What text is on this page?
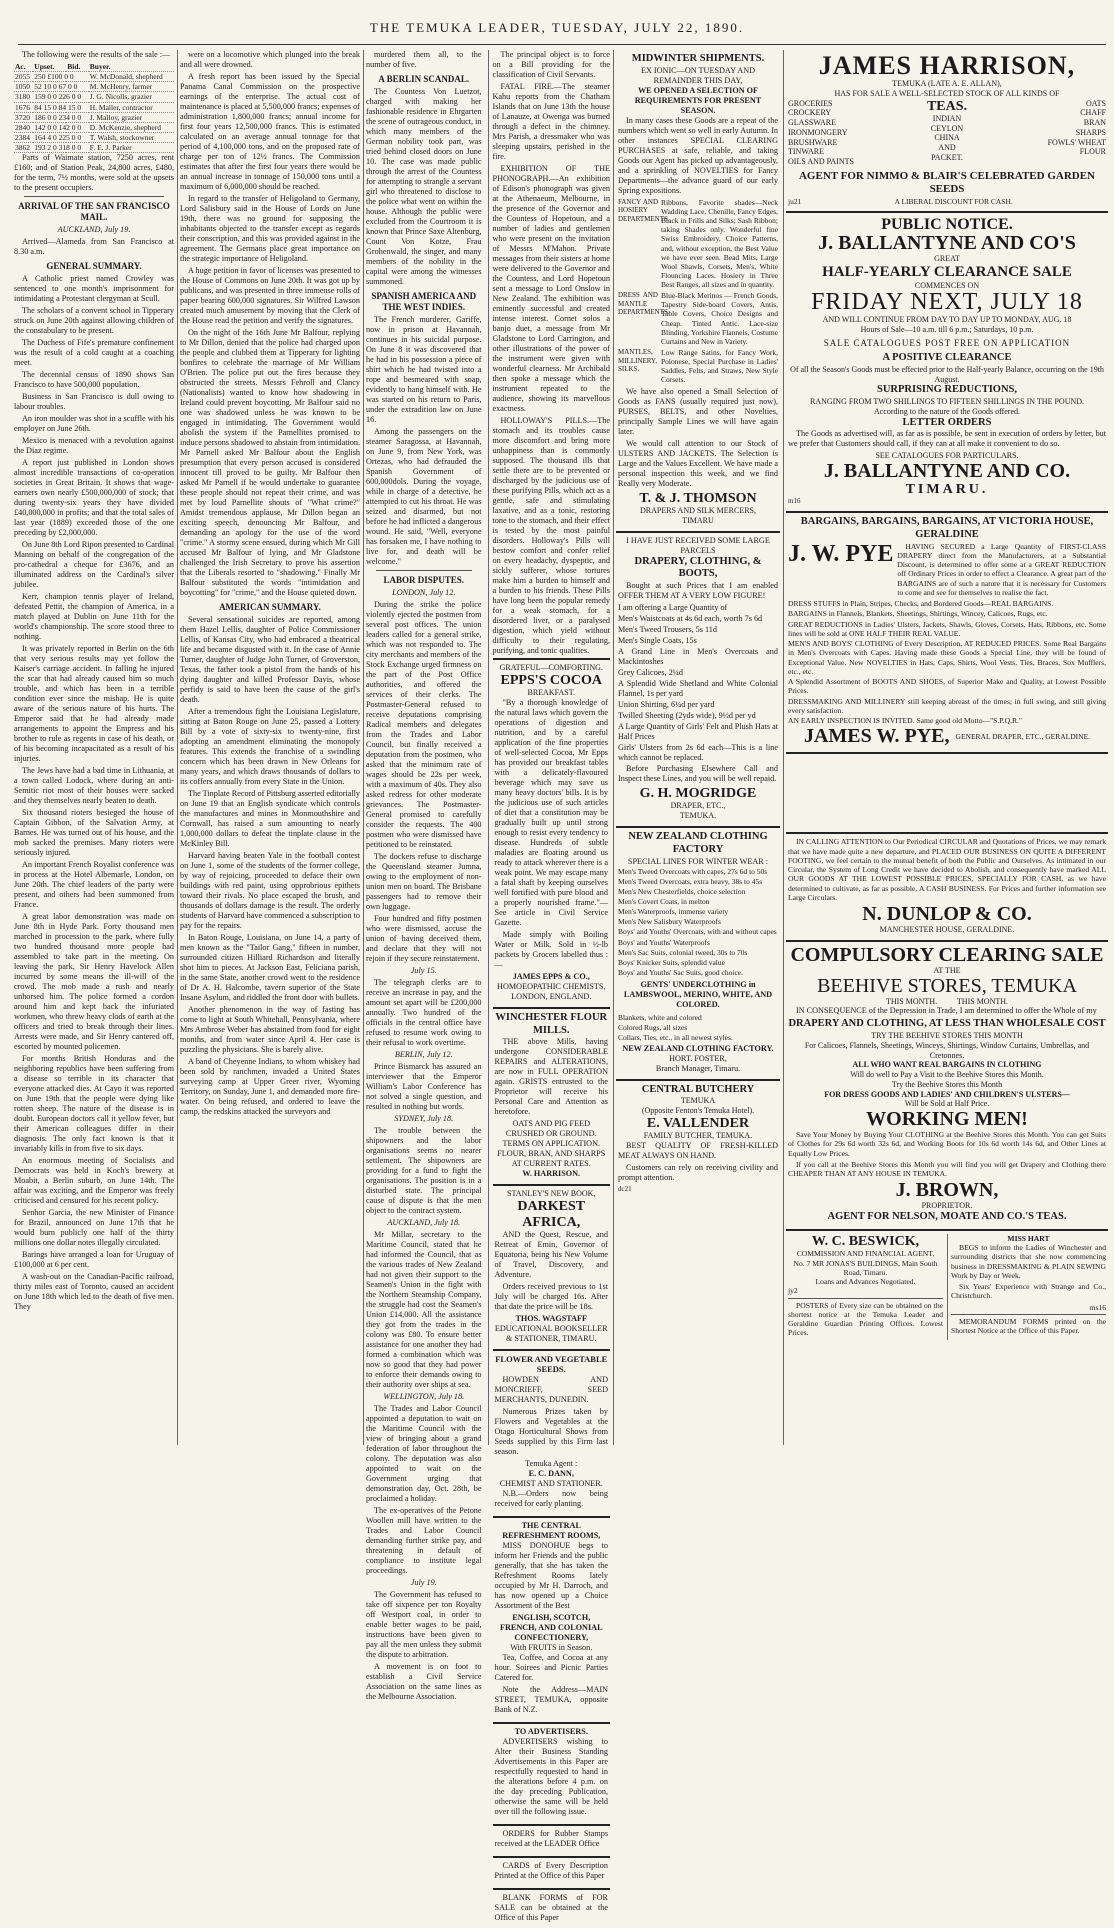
THE TEMUKA LEADER, TUESDAY, JULY 22, 1890.

The following were the results of the sale :—

Ac.	Upset.	Bid.	Buyer.
2055	250 £100 0 0		W. McDonald, shepherd
1050	52 10 0 67 0 0		M. McHenry, farmer
3180	159 0 0 226 0 0		J. G. Nicolls, grazier
1676	84 15 0 84 15 0		H. Maller, contractor
3720	186 0 0 234 0 0		J. Malloy, grazier
2840	142 0 0 142 0 0		D. McKenzie, shepherd
2384	164 4 0 225 0 0		T. Walsh, stockowner
3862	193 2 0 318 0 0		F. E. J. Parker

Parts of Waimate station, 7250 acres, rent £160; and of Station Peak, 24,800 acres, £480, for the term, 7½ months, were sold at the upsets to the present occupiers.

ARRIVAL OF THE SAN FRANCISCO MAIL.
AUCKLAND, July 19.

Arrived—Alameda from San Francisco at 8.30 a.m.

GENERAL SUMMARY.

A Catholic priest named Crowley was sentenced to one month's imprisonment for intimidating a Protestant clergyman at Scull.

The scholars of a convent school in Tipperary struck on June 20th against allowing children of the constabulary to be present.

The Duchess of Fife's premature confinement was the result of a cold caught at a coaching meet.

The decennial census of 1890 shows San Francisco to have 500,000 population.

Business in San Francisco is dull owing to labour troubles.

An iron moulder was shot in a scuffle with his employer on June 26th.

Mexico is menaced with a revolution against the Diaz regime.

A report just published in London shows almost incredible transactions of co-operation societies in Great Britain. It shows that wage-earners own nearly £500,000,000 of stock; that during twenty-six years they have divided £40,000,000 in profits; and that the total sales of last year (1889) exceeded those of the one preceding by £2,000,000.

On June 8th Lord Ripon presented to Cardinal Manning on behalf of the congregation of the pro-cathedral a cheque for £3676, and an illuminated address on the Cardinal's silver jubilee.

Kerr, champion tennis player of Ireland, defeated Pettit, the champion of America, in a match played at Dublin on June 11th for the world's championship. The score stood three to nothing.

It was privately reported in Berlin on the 6th that very serious results may yet follow the Kaiser's carriage accident. In falling he injured the scar that had already caused him so much trouble, and which has been in a terrible condition ever since the mishap. He is quite aware of the serious nature of his hurts. The Emperor said that he had already made arrangements to appoint the Empress and his brother to rule as regents in case of his death, or of his becoming incapacitated as a result of his injuries.

The Jews have had a bad time in Lithuania, at a town called Lodock, where during an anti-Semitic riot most of their houses were sacked and they themselves nearly beaten to death.

Six thousand rioters besieged the house of Captain Gibbon, of the Salvation Army, at Barnes. He was turned out of his house, and the mob sacked the premises. Many rioters were seriously injured.

An important French Royalist conference was in process at the Hotel Albemarle, London, on June 20th. The chief leaders of the party were present, and others had been summoned from France.

A great labor demonstration was made on June 8th in Hyde Park. Forty thousand men marched in procession to the park, where fully two hundred thousand more people had assembled to take part in the meeting. On leaving the park, Sir Henry Havelock Allen incurred by some means the ill-will of the crowd. The mob made a rush and nearly unhorsed him. The police formed a cordon around him and kept back the infuriated workmen, who threw heavy clods of earth at the officers and tried to break through their lines. Arrests were made, and Sir Henry cantered off, escorted by mounted policemen.

For months British Honduras and the neighboring republics have been suffering from a disease so terrible in its character that everyone attacked dies. At Cayo it was reported on June 19th that the people were dying like rotten sheep. The nature of the disease is in doubt. European doctors call it yellow fever, but their American colleagues differ in their diagnosis. The only fact known is that it invariably kills in from five to six days.

An enormous meeting of Socialists and Democrats was held in Koch's brewery at Moabit, a Berlin suburb, on June 14th. The affair was exciting, and the Emperor was freely criticised and censured for his recent policy.

Senhor Garcia, the new Minister of Finance for Brazil, announced on June 17th that he would burn publicly one half of the thirty millions one dollar notes illegally circulated.

Barings have arranged a loan for Uruguay of £100,000 at 6 per cent.

A wash-out on the Canadian-Pacific railroad, thirty miles east of Toronto, caused an accident on June 18th which led to the death of five men. They

were on a locomotive which plunged into the break and all were drowned.

A fresh report has been issued by the Special Panama Canal Commission on the prospective earnings of the enterprise. The actual cost of maintenance is placed at 5,500,000 francs; expenses of administration 1,800,000 francs; annual income for first four years 12,500,000 francs. This is estimated calculated on an average annual tonnage for that period of 4,100,000 tons, and on the proposed rate of charge per ton of 12½ francs. The Commission estimates that after the first four years there would be an annual increase in tonnage of 150,000 tons until a maximum of 6,000,000 should be reached.

In regard to the transfer of Heligoland to Germany, Lord Salisbury said in the House of Lords on June 19th, there was no ground for supposing the inhabitants objected to the transfer except as regards their conscription, and this was provided against in the agreement. The Germans place great importance on the strategic importance of Heligoland.

A huge petition in favor of licenses was presented to the House of Commons on June 20th. It was got up by publicans, and was presented in three immense rolls of paper bearing 600,000 signatures. Sir Wilfred Lawson created much amusement by moving that the Clerk of the House read the petition and verify the signatures.

On the night of the 16th June Mr Balfour, replying to Mr Dillon, denied that the police had charged upon the people and clubbed them at Tipperary for lighting bonfires to celebrate the marriage of Mr William O'Brien. The police put out the fires because they obstructed the streets. Messrs Fehroll and Clancy (Nationalists) wanted to know how shadowing in Ireland could prevent boycotting. Mr Balfour said no one was shadowed unless he was known to be engaged in intimidating. The Government would abolish the system if the Parnellites promised to induce persons shadowed to abstain from intimidation. Mr Parnell asked Mr Balfour about the English presumption that every person accused is considered innocent till proved to be guilty. Mr Balfour then asked Mr Parnell if he would undertake to guarantee these people should not repeat their crime, and was met by loud Parnellite shouts of "What crime?" Amidst tremendous applause, Mr Dillon began an exciting speech, denouncing Mr Balfour, and demanding an apology for the use of the word "crime." A stormy scene ensued, during which Mr Gill accused Mr Balfour of lying, and Mr Gladstone challenged the Irish Secretary to prove his assertion that the Liberals resorted to "shadowing." Finally Mr Balfour substituted the words "intimidation and boycotting" for "crime," and the House quieted down.

AMERICAN SUMMARY.

Several sensational suicides are reported, among them Hazel Lellis, daughter of Police Commissioner Lellis, of Kansas City, who had embraced a theatrical life and became disgusted with it. In the case of Annie Turner, daughter of Judge John Turner, of Groverston, Texas, the father took a pistol from the hands of his dying daughter and killed Professor Davis, whose perfidy is said to have been the cause of the girl's death.

After a tremendous fight the Louisiana Legislature, sitting at Baton Rouge on June 25, passed a Lottery Bill by a vote of sixty-six to twenty-nine, first adopting an amendment eliminating the monopoly features. This extends the franchise of a swindling concern which has been drawn in New Orleans for many years, and which draws thousands of dollars to its coffers annually from every State in the Union.

The Tinplate Record of Pittsburg asserted editorially on June 19 that an English syndicate which controls the manufactures and mines in Monmouthshire and Cornwall, has raised a sum amounting to nearly 1,000,000 dollars to defeat the tinplate clause in the McKinley Bill.

Harvard having beaten Yale in the football contest on June 1, some of the students of the former college, by way of rejoicing, proceeded to deface their own buildings with red paint, using opprobrious epithets toward their rivals. No place escaped the brush, and thousands of dollars damage is the result. The orderly students of Harvard have commenced a subscription to pay for the repairs.

In Baton Rouge, Louisiana, on June 14, a party of men known as the "Tailor Gang," fifteen in number, surrounded citizen Hilliard Richardson and literally shot him to pieces. At Jackson East, Feliciana parish, in the same State, another crowd went to the residence of Dr A. H. Halcombe, tavern superior of the State Insane Asylum, and riddled the front door with bullets.

Another phenomenon in the way of fasting has come to light at South Whitehall, Pennsylvania, where Mrs Ambrose Weber has abstained from food for eight months, and from water since April 4. Her case is puzzling the physicians. She is barely alive.

A band of Cheyenne Indians, to whom whiskey had been sold by ranchmen, invaded a United States surveying camp at Upper Greer river, Wyoming Territory, on Sunday, June 1, and demanded more fire-water. On being refused, and ordered to leave the camp, the redskins attacked the surveyors and

murdered them all, to the number of five.

A BERLIN SCANDAL.

The Countess Von Luetzot, charged with making her fashionable residence in Ehrgarten the scene of outrageous conduct, in which many members of the German nobility took part, was tried behind closed doors on June 10. The case was made public through the arrest of the Countess for attempting to strangle a servant girl who threatened to disclose to the police what went on within the house. Although the public were excluded from the Courtroom it is known that Prince Saxe Altenburg, Count Von Kotze, Frau Grohenwald, the singer, and many members of the nobility in the capital were among the witnesses summoned.

SPANISH AMERICA AND THE WEST INDIES.

The French murderer, Gariffe, now in prison at Havannah, continues in his suicidal purpose. On June 8 it was discovered that he had in his possession a piece of shirt which he had twisted into a rope and besmeared with soap, evidently to hang himself with. He was started on his return to Paris, under the extradition law on June 16.

Among the passengers on the steamer Saragossa, at Havannah, on June 9, from New York, was Ortezas, who had defrauded the Spanish Government of 600,000dols. During the voyage, while in charge of a detective, he attempted to cut his throat. He was seized and disarmed, but not before he had inflicted a dangerous wound. He said, "Well, everyone has forsaken me, I have nothing to live for, and death will be welcome."

LABOR DISPUTES.
LONDON, July 12.

During the strike the police violently ejected the postmen from several post offices. The union leaders called for a general strike, which was not responded to. The city merchants and members of the Stock Exchange urged firmness on the part of the Post Office authorities, and offered the services of their clerks. The Postmaster-General refused to receive deputations comprising Radical members and delegates from the Trades and Labor Council, but finally received a deputation from the postmen, who asked that the minimum rate of wages should be 22s per week, with a maximum of 40s. They also asked redress for other moderate grievances. The Postmaster-General promised to carefully consider the requests. The 400 postmen who were dismissed have petitioned to be reinstated.

The dockers refuse to discharge the Queensland steamer Jumna, owing to the employment of non-union men on board. The Brisbane passengers had to remove their own luggage.

Four hundred and fifty postmen who were dismissed, accuse the union of having deceived them, and declare that they will not rejoin if they secure reinstatement.

July 15.

The telegraph clerks are to receive an increase in pay, and the amount set apart will be £200,000 annually. Two hundred of the officials in the central office have refused to resume work owing to their refusal to work overtime.

BERLIN, July 12.

Prince Bismarck has assured an interviewer that the Emperor William's Labor Conference has not solved a single question, and resulted in nothing but words.

SYDNEY, July 18.

The trouble between the shipowners and the labor organisations seems no nearer settlement. The shipowners are providing for a fund to fight the organisations. The position is in a disturbed state. The principal cause of dispute is that the men object to the contract system.

AUCKLAND, July 18.

Mr Millar, secretary to the Maritime Council, stated that he had informed the Council, that as the various trades of New Zealand had not given their support to the Seamen's Union in the fight with the Northern Steamship Company, the struggle had cost the Seamen's Union £14,000. All the assistance they got from the trades in the colony was £80. To ensure better assistance for one another they had formed a combination which was now so good that they had power to enforce their demands owing to their authority over ships at sea.

WELLINGTON, July 18.

The Trades and Labor Council appointed a deputation to wait on the Maritime Council with the view of bringing about a grand federation of labor throughout the colony. The deputation was also appointed to wait on the Government urging that demonstration day, Oct. 28th, be proclaimed a holiday.

The ex-operatives of the Petone Woollen mill have written to the Trades and Labor Council demanding further strike pay, and threatening in default of compliance to institute legal proceedings.

July 19.

The Government has refused to take off sixpence per ton Royalty off Westport coal, in order to enable better wages to be paid, instructions have been given to pay all the men unless they submit the dispute to arbitration.

A movement is on foot to establish a Civil Service Association on the same lines as the Melbourne Association.

The principal object is to force on a Bill providing for the classification of Civil Servants.

FATAL FIRE.—The steamer Kahu reports from the Chatham Islands that on June 13th the house of Lanauze, at Owenga was burned through a defect in the chimney. Mrs Parish, a dressmaker who was sleeping upstairs, perished in the fire.

EXHIBITION OF THE PHONOGRAPH.—An exhibition of Edison's phonograph was given at the Athenaeum, Melbourne, in the presence of the Governor and the Countess of Hopetoun, and a number of ladies and gentlemen who were present on the invitation of Messrs M'Mahon. Private messages from their sisters at home were delivered to the Governor and the Countess, and Lord Hopetoun sent a message to Lord Onslow in New Zealand. The exhibition was eminently successful and created intense interest. Cornet solos a banjo duet, a message from Mr Gladstone to Lord Carrington, and other illustrations of the power of the instrument were given with wonderful clearness. Mr Archibald then spoke a message which the instrument repeated to the audience, showing its marvellous exactness.

HOLLOWAY'S PILLS.—The stomach and its troubles cause more discomfort and bring more unhappiness than is commonly supposed. The thousand ills that settle there are to be prevented or discharged by the judicious use of these purifying Pills, which act as a gentle, safe and stimulating laxative, and as a tonic, restoring tone to the stomach, and their effect is tested by the most painful disorders. Holloway's Pills will bestow comfort and confer relief on every headachy, dyspeptic, and sickly sufferer, whose tortures make him a burden to himself and a burden to his friends. These Pills have long been the popular remedy for a weak stomach, for a disordered liver, or a paralysed digestion, which yield without difficulty to their regulating, purifying, and tonic qualities.

GRATEFUL—COMFORTING.
EPPS'S COCOA
BREAKFAST.

"By a thorough knowledge of the natural laws which govern the operations of digestion and nutrition, and by a careful application of the fine properties of well-selected Cocoa, Mr Epps has provided our breakfast tables with a delicately-flavoured beverage which may save us many heavy doctors' bills. It is by the judicious use of such articles of diet that a constitution may be gradually built up until strong enough to resist every tendency to disease. Hundreds of subtle maladies are floating around us ready to attack wherever there is a weak point. We may escape many a fatal shaft by keeping ourselves well fortified with pure blood and a properly nourished frame."—See article in Civil Service Gazette.

Made simply with Boiling Water or Milk. Sold in ½-lb packets by Grocers labelled thus :—

JAMES EPPS & CO.,
HOMOEOPATHIC CHEMISTS,
LONDON, ENGLAND.
WINCHESTER FLOUR MILLS.

THE above Mills, having undergone CONSIDERABLE REPAIRS and ALTERATIONS, are now in FULL OPERATION again. GRISTS entrusted to the Proprietor will receive his Personal Care and Attention as heretofore.

OATS AND PIG FEED CRUSHED OR GROUND.
TERMS ON APPLICATION.
FLOUR, BRAN, AND SHARPS
AT CURRENT RATES.
W. HARRISON.
STANLEY'S NEW BOOK,
DARKEST
AFRICA,

AND the Quest, Rescue, and Retreat of Emin, Governor of Equatoria, being his New Volume of Travel, Discovery, and Adventure.

Orders received previous to 1st July will be charged 16s. After that date the price will be 18s.

THOS. WAGSTAFF
EDUCATIONAL BOOKSELLER & STATIONER, TIMARU.
FLOWER AND VEGETABLE SEEDS.

HOWDEN AND MONCRIEFF, SEED MERCHANTS, DUNEDIN.

Numerous Prizes taken by Flowers and Vegetables at the Otago Horticultural Shows from Seeds supplied by this Firm last season.

Temuka Agent :
E. C. DANN,
CHEMIST AND STATIONER.

N.B.—Orders now being received for early planting.

THE CENTRAL REFRESHMENT ROOMS,

MISS DONOHUE begs to inform her Friends and the public generally, that she has taken the Refreshment Rooms lately occupied by Mr H. Darroch, and has now opened up a Choice Assortment of the Best

ENGLISH, SCOTCH, FRENCH, AND COLONIAL CONFECTIONERY,
With FRUITS in Season.

Tea, Coffee, and Cocoa at any hour. Soirees and Picnic Parties Catered for.

Note the Address—MAIN STREET, TEMUKA, opposite Bank of N.Z.

TO ADVERTISERS.

ADVERTISERS wishing to Alter their Business Standing Advertisements in this Paper are respectfully requested to hand in the alterations before 4 p.m. on the day preceding Publication, otherwise the same will be held over till the following issue.

ORDERS for Rubber Stamps received at the LEADER Office

CARDS of Every Description Printed at the Office of this Paper

BLANK FORMS of FOR SALE can be obtained at the Office of this Paper

MIDWINTER SHIPMENTS.
EX IONIC—ON TUESDAY AND REMAINDER THIS DAY,
WE OPENED A SELECTION OF REQUIREMENTS FOR PRESENT SEASON.

In many cases these Goods are a repeat of the numbers which went so well in early Autumn. In other instances SPECIAL CLEARING PURCHASES at safe, reliable, and taking Goods our Agent has picked up advantageously, and a sprinkling of NOVELTIES for Fancy Departments—the advance guard of our early Spring expositions.

FANCY AND HOSIERY DEPARTMENTS.
Ribbons, Favorite shades—Neck Wadding Lace, Chenille, Fancy Edges, Black in Frills and Silks; Sash Ribbon; taking Shades only. Wonderful fine Swiss Embroidery, Choice Patterns, and, without exception, the Best Value we have ever seen. Bead Mits, Large Wool Shawls, Corsets, Men's, White Flouncing Laces. Hosiery in Three Best Ranges, all sizes and in quantity.
DRESS AND MANTLE DEPARTMENTS.
Blue-Black Merinos — French Goods, Tapestry Side-board Covers, Antis, Table Covers, Choice Designs and Cheap. Tinted Antic. Lace-size Blinding, Yorkshire Flannels, Costume Curtains and New in Variety.
MANTLES, MILLINERY, SILKS.
Low Range Satins, for Fancy Work, Polonese, Special Purchase in Ladies' Saddles, Felts, and Straws, New Style Corsets.

We have also opened a Small Selection of Goods as FANS (usually required just now), PURSES, BELTS, and other Novelties, principally Sample Lines we will have again later.

We would call attention to our Stock of ULSTERS AND JACKETS. The Selection is Large and the Values Excellent. We have made a personal inspection this week, and we find Really very Moderate.

T. & J. THOMSON
DRAPERS AND SILK MERCERS,
TIMARU
I HAVE JUST RECEIVED SOME LARGE PARCELS
DRAPERY, CLOTHING, & BOOTS,

Bought at such Prices that I am enabled OFFER THEM AT A VERY LOW FIGURE!

I am offering a Large Quantity of
Men's Waistcoats at 4s 6d each, worth 7s 6d
Men's Tweed Trousers, 5s 11d
Men's Single Coats, 15s
A Grand Line in Men's Overcoats and Mackintoshes
Grey Calicoes, 2¼d
A Splendid Wide Shetland and White Colonial Flannel, 1s per yard
Union Shirting, 6¼d per yard
Twilled Sheeting (2yds wide), 9½d per yd
A Large Quantity of Girls' Felt and Plush Hats at Half Prices
Girls' Ulsters from 2s 6d each—This is a line which cannot be replaced.

Before Purchasing Elsewhere Call and Inspect these Lines, and you will be well repaid.

G. H. MOGRIDGE
DRAPER, ETC.,
TEMUKA.
NEW ZEALAND CLOTHING FACTORY
SPECIAL LINES FOR WINTER WEAR :
Men's Tweed Overcoats with capes, 27s 6d to 50s
Men's Tweed Overcoats, extra heavy, 38s to 45s
Men's New Chesterfields, choice selection
Men's Covert Coats, in melton
Men's Waterproofs, immense variety
Men's New Salisbury Waterproofs
Boys' and Youths' Overcoats, with and without capes
Boys' and Youths' Waterproofs
Men's Sac Suits, colonial tweed, 30s to 70s
Boys' Knicker Suits, splendid value
Boys' and Youths' Sac Suits, good choice.
GENTS' UNDERCLOTHING in LAMBSWOOL, MERINO, WHITE, AND COLORED.
Blankets, white and colored
Colored Rugs, all sizes
Collars, Ties, etc., in all newest styles.
NEW ZEALAND CLOTHING FACTORY.
HORT. FOSTER,
Branch Manager, Timaru.
CENTRAL BUTCHERY
TEMUKA
(Opposite Fenton's Temuka Hotel).
E. VALLENDER
FAMILY BUTCHER, TEMUKA.

BEST QUALITY OF FRESH-KILLED MEAT ALWAYS ON HAND.

Customers can rely on receiving civility and prompt attention.

dc21
JAMES HARRISON,
TEMUKA (LATE A. E. ALLAN),
HAS FOR SALE A WELL-SELECTED STOCK OF ALL KINDS OF
GROCERIES
CROCKERY
GLASSWARE
IRONMONGERY
BRUSHWARE
TINWARE
OILS AND PAINTS
TEAS.
INDIAN
CEYLON
CHINA
AND
PACKET.
OATS
CHAFF
BRAN
SHARPS
FOWLS' WHEAT
FLOUR
AGENT FOR NIMMO & BLAIR'S CELEBRATED GARDEN SEEDS
ju21	A LIBERAL DISCOUNT FOR CASH.
PUBLIC NOTICE.
J. BALLANTYNE AND CO'S
GREAT
HALF-YEARLY CLEARANCE SALE
COMMENCES ON
FRIDAY NEXT, JULY 18
AND WILL CONTINUE FROM DAY TO DAY UP TO MONDAY, AUG. 18
Hours of Sale—10 a.m. till 6 p.m.; Saturdays, 10 p.m.
SALE CATALOGUES POST FREE ON APPLICATION
A POSITIVE CLEARANCE
Of all the Season's Goods must be effected prior to the Half-yearly Balance, occurring on the 19th August.
SURPRISING REDUCTIONS,
RANGING FROM TWO SHILLINGS TO FIFTEEN SHILLINGS IN THE POUND.
According to the nature of the Goods offered.
LETTER ORDERS

The Goods as advertised will, as far as is possible, be sent in execution of orders by letter, but we prefer that Customers should call, if they can at all make it convenient to do so.

SEE CATALOGUES FOR PARTICULARS.
J. BALLANTYNE AND CO.
TIMARU.
m16
BARGAINS, BARGAINS, BARGAINS, AT VICTORIA HOUSE, GERALDINE
J. W. PYE	HAVING SECURED a Large Quantity of FIRST-CLASS DRAPERY direct from the Manufacturers, at a Substantial Discount, is determined to offer some at a GREAT REDUCTION off Ordinary Prices in order to effect a Clearance. A great part of the BARGAINS are of such a nature that it is necessary for Customers to come and see for themselves to realise the fact.

DRESS STUFFS in Plain, Stripes, Checks, and Bordered Goods—REAL BARGAINS.
BARGAINS in Flannels, Blankets, Sheetings, Shirtings, Wincey, Calicoes, Rugs, etc.
GREAT REDUCTIONS in Ladies' Ulsters, Jackets, Shawls, Gloves, Corsets, Hats, Ribbons, etc. Some lines will be sold at ONE HALF THEIR REAL VALUE.
MEN'S AND BOYS' CLOTHING of Every Description, AT REDUCED PRICES. Some Real Bargains in Men's Overcoats with Capes. Having made these Goods a Special Line, they will be found of Exceptional Value. New NOVELTIES in Hats, Caps, Shirts, Wool Vests, Ties, Braces, Sox Mufflers, etc., etc.
A Splendid Assortment of BOOTS AND SHOES, of Superior Make and Quality, at Lowest Possible Prices.
DRESSMAKING AND MILLINERY still keeping abreast of the times; in full swing, and still giving every satisfaction.
AN EARLY INSPECTION IS INVITED. Same good old Motto—"S.P.Q.R."
JAMES W. PYE, GENERAL DRAPER, ETC., GERALDINE.

IN CALLING ATTENTION to Our Periodical CIRCULAR and Quotations of Prices, we may remark that we have made quite a new departure, and PLACED OUR BUSINESS ON QUITE A DIFFERENT FOOTING, we feel certain to the mutual benefit of both the Public and Ourselves. As intimated in our Circular, the System of Long Credit we have decided to Abolish, and consequently have marked ALL OUR GOODS AT THE LOWEST POSSIBLE PRICES, SPECIALLY FOR CASH, as we have determined to cultivate, as far as possible, A CASH BUSINESS. For Prices and further information see Large Circulars.

N. DUNLOP & CO.
MANCHESTER HOUSE, GERALDINE.
COMPULSORY CLEARING SALE
AT THE
BEEHIVE STORES, TEMUKA
THIS MONTH.          THIS MONTH.

IN CONSEQUENCE of the Depression in Trade, I am determined to offer the Whole of my

DRAPERY AND CLOTHING, AT LESS THAN WHOLESALE COST
TRY THE BEEHIVE STORES THIS MONTH
For Calicoes, Flannels, Sheetings, Winceys, Shirtings, Window Curtains, Umbrellas, and Cretonnes.
ALL WHO WANT REAL BARGAINS IN CLOTHING
Will do well to Pay a Visit to the Beehive Stores this Month.
Try the Beehive Stores this Month
FOR DRESS GOODS AND LADIES' AND CHILDREN'S ULSTERS—
Will be Sold at Half Price.
WORKING MEN!

Save Your Money by Buying Your CLOTHING at the Beehive Stores this Month. You can get Suits of Clothes for 29s 6d worth 32s 6d, and Working Boots for 10s 6d worth 14s 6d, and Other Lines at Equally Low Prices.

If you call at the Beehive Stores this Month you will find you will get Drapery and Clothing there CHEAPER THAN AT ANY HOUSE IN TEMUKA.

J. BROWN,
PROPRIETOR.
AGENT FOR NELSON, MOATE AND CO.'S TEAS.
W. C. BESWICK,
COMMISSION AND FINANCIAL AGENT,
No. 7 MR JONAS'S BUILDINGS, Main South Road, Timaru.
Loans and Advances Negotiated.
jy2

POSTERS of Every size can be obtained on the shortest notice at the Temuka Leader and Geraldine Guardian Printing Offices. Lowest Prices.

MISS HART

BEGS to inform the Ladies of Winchester and surrounding districts that she now commencing business in DRESSMAKING & PLAIN SEWING Work by Day or Week.

Six Years' Experience with Strange and Co., Christchurch.

ms16

MEMORANDUM FORMS printed on the Shortest Notice at the Office of this Paper.
